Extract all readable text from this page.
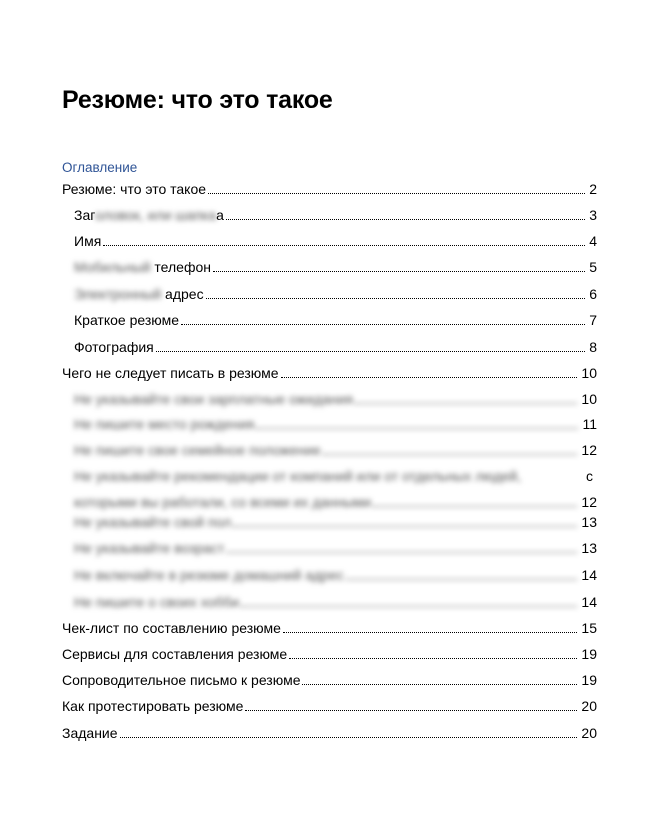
Резюме: что это такое
Оглавление
Резюме: что это такое	2
Заголовок, или шапкаа	3
Имя	4
Мобильный телефон	5
Электронный адрес	6
Краткое резюме	7
Фотография	8
Чего не следует писать в резюме	10
Не указывайте свои зарплатные ожидания	10
Не пишите место рождения	11
Не пишите свое семейное положение	12
Не указывайте рекомендации от компаний или от отдельных людей,	с
которыми вы работали, со всеми их данными	12
Не указывайте свой пол	13
Не указывайте возраст	13
Не включайте в резюме домашний адрес	14
Не пишите о своих хобби	14
Чек-лист по составлению резюме	15
Сервисы для составления резюме	19
Сопроводительное письмо к резюме	19
Как протестировать резюме	20
Задание	20
